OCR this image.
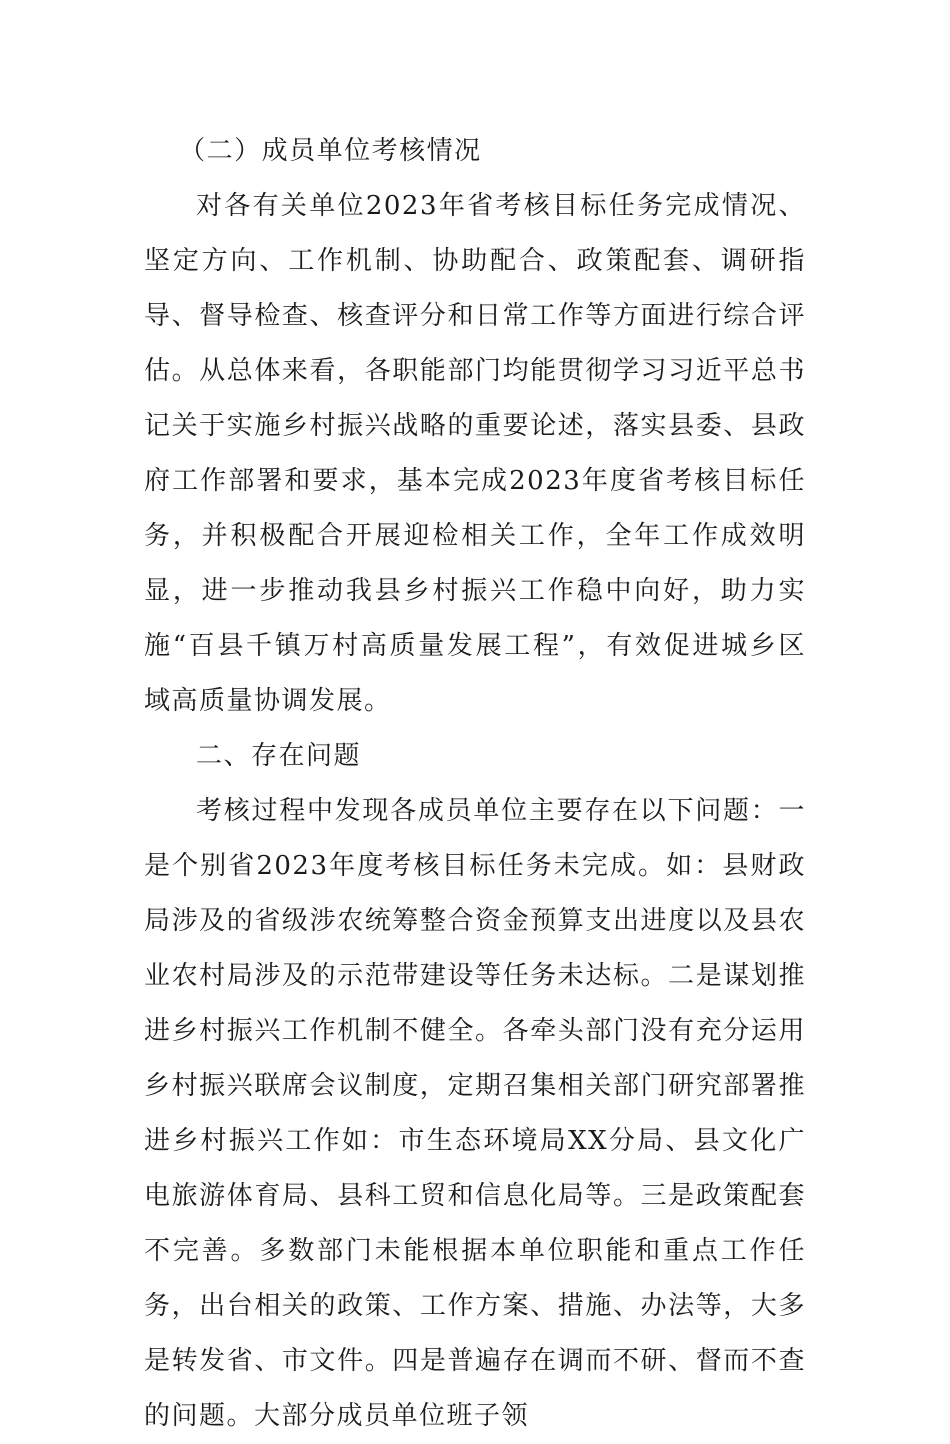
（二）成员单位考核情况

对各有关单位2023年省考核目标任务完成情况、坚定方向、工作机制、协助配合、政策配套、调研指导、督导检查、核查评分和日常工作等方面进行综合评估。从总体来看，各职能部门均能贯彻学习习近平总书记关于实施乡村振兴战略的重要论述，落实县委、县政府工作部署和要求，基本完成2023年度省考核目标任务，并积极配合开展迎检相关工作，全年工作成效明显，进一步推动我县乡村振兴工作稳中向好，助力实施“百县千镇万村高质量发展工程”，有效促进城乡区域高质量协调发展。

二、存在问题

考核过程中发现各成员单位主要存在以下问题：一是个别省2023年度考核目标任务未完成。如：县财政局涉及的省级涉农统筹整合资金预算支出进度以及县农业农村局涉及的示范带建设等任务未达标。二是谋划推进乡村振兴工作机制不健全。各牵头部门没有充分运用乡村振兴联席会议制度，定期召集相关部门研究部署推进乡村振兴工作如：市生态环境局XX分局、县文化广电旅游体育局、县科工贸和信息化局等。三是政策配套不完善。多数部门未能根据本单位职能和重点工作任务，出台相关的政策、工作方案、措施、办法等，大多是转发省、市文件。四是普遍存在调而不研、督而不查的问题。大部分成员单位班子领
